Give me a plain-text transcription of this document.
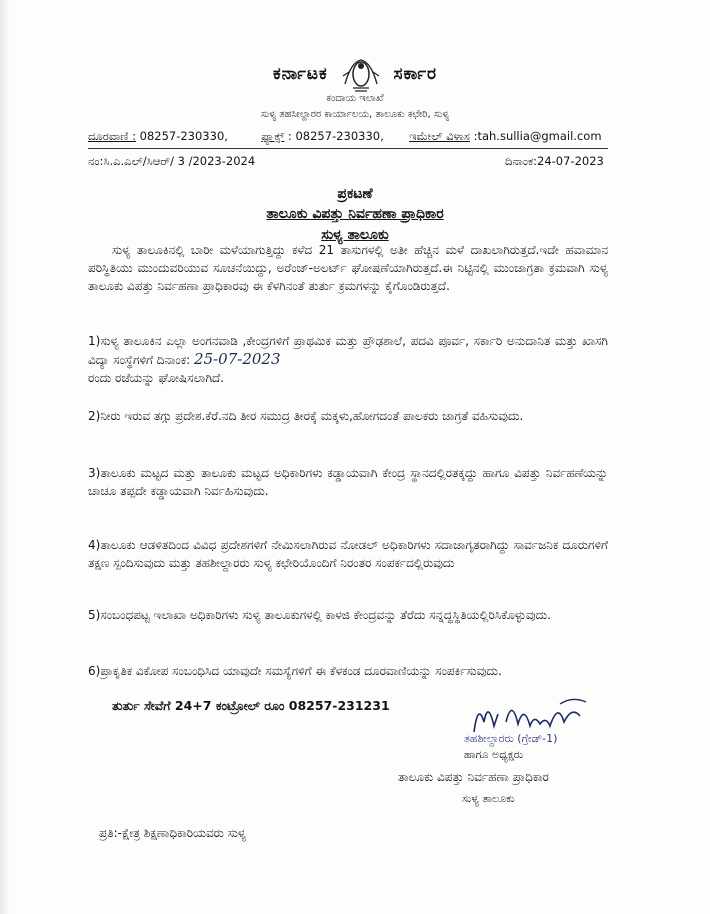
ಕರ್ನಾಟಕ	ಸರ್ಕಾರ
ಕಂದಾಯ ಇಲಾಖೆ
ಸುಳ್ಯ ತಹಸೀಲ್ದಾರರ ಕಾರ್ಯಾಲಯ, ತಾಲೂಕು ಕಛೇರಿ, ಸುಳ್ಯ
ದೂರವಾಣಿ : 08257-230330,	ಫ್ಯಾಕ್ಸ್ : 08257-230330, ಇಮೇಲ್ ವಿಳಾಸ :tah.sullia@gmail.com
ನಂ:ಸಿ.ಎ.ಎಲ್/ಸಿಆರ್/ 3 /2023-2024	ದಿನಾಂಕ:24-07-2023
ಪ್ರಕಟಣೆ
ತಾಲೂಕು ವಿಪತ್ತು ನಿರ್ವಹಣಾ ಪ್ರಾಧಿಕಾರ
ಸುಳ್ಯ ತಾಲೂಕು
ಸುಳ್ಯ ತಾಲೂಕಿನಲ್ಲಿ ಬಾರೀ ಮಳೆಯಾಗುತ್ತಿದ್ದು ಕಳೆದ 21 ತಾಸುಗಳಲ್ಲಿ ಅತೀ ಹೆಚ್ಚಿನ ಮಳೆ ದಾಖಲಾಗಿರುತ್ತದೆ.ಇದೇ ಹವಾಮಾನ ಪರಿಸ್ಥಿತಿಯು ಮುಂದುವರಿಯುವ ಸೂಚನೆಯಿದ್ದು, ಅರೆಂಜ್-ಅಲರ್ಟ್ ಘೋಷಣೆಯಾಗಿರುತ್ತದೆ.ಈ ನಿಟ್ಟಿನಲ್ಲಿ ಮುಂಜಾಗ್ರತಾ ಕ್ರಮವಾಗಿ ಸುಳ್ಯ ತಾಲೂಕು ವಿಪತ್ತು ನಿರ್ವಹಣಾ ಪ್ರಾಧಿಕಾರವು ಈ ಕೆಳಗಿನಂತೆ ತುರ್ತು ಕ್ರಮಗಳನ್ನು ಕೈಗೊಂಡಿರುತ್ತದೆ.
1)ಸುಳ್ಯ ತಾಲೂಕಿನ ಎಲ್ಲಾ ಅಂಗನವಾಡಿ ,ಕೇಂದ್ರಗಳಿಗೆ ಪ್ರಾಥಮಿಕ ಮತ್ತು ಪ್ರೌಢಶಾಲೆ, ಪದವಿ ಪೂರ್ವ, ಸರ್ಕಾರಿ ಅನುದಾನಿತ ಮತ್ತು ಖಾಸಗಿ ವಿದ್ಯಾ ಸಂಸ್ಥೆಗಳಿಗೆ ದಿನಾಂಕ: 25-07-2023
ರಂದು ರಜೆಯನ್ನು ಘೋಷಿಸಲಾಗಿದೆ.
2)ನೀರು ಇರುವ ತಗ್ಗು ಪ್ರದೇಶ.ಕೆರೆ.ನದಿ ತೀರ ಸಮುದ್ರ ತೀರಕ್ಕೆ ಮಕ್ಕಳು,ಹೋಗದಂತೆ ಪಾಲಕರು ಜಾಗ್ರತೆ ವಹಿಸುವುದು.
3)ತಾಲೂಕು ಮಟ್ಟದ ಮತ್ತು ತಾಲೂಕು ಮಟ್ಟದ ಅಧಿಕಾರಿಗಳು ಕಡ್ಡಾಯವಾಗಿ ಕೇಂದ್ರ ಸ್ಥಾನದಲ್ಲಿರತಕ್ಕದ್ದು ಹಾಗೂ ವಿಪತ್ತು ನಿರ್ವಹಣೆಯನ್ನು ಚಾಚೂ ತಪ್ಪದೇ ಕಡ್ಡಾಯವಾಗಿ ನಿರ್ವಹಿಸುವುದು.
4)ತಾಲೂಕು ಆಡಳಿತದಿಂದ ವಿವಿಧ ಪ್ರದೇಶಗಳಿಗೆ ನೇಮಿಸಲಾಗಿರುವ ನೋಡಲ್ ಅಧಿಕಾರಿಗಳು ಸದಾಜಾಗೃತರಾಗಿದ್ದು ಸಾರ್ವಜನಿಕ ದೂರುಗಳಿಗೆ ತಕ್ಷಣ ಸ್ಪಂದಿಸುವುದು ಮತ್ತು ತಹಶೀಲ್ದಾರರು ಸುಳ್ಯ ಕಛೇರಿಯೊಂದಿಗೆ ನಿರಂತರ ಸಂಪರ್ಕದಲ್ಲಿರುವುದು
5)ಸಂಬಂಧಪಟ್ಟ ಇಲಾಖಾ ಅಧಿಕಾರಿಗಳು ಸುಳ್ಯ ತಾಲೂಕುಗಳಲ್ಲಿ ಕಾಳಜಿ ಕೇಂದ್ರವನ್ನು ತೆರೆದು ಸನ್ನದ್ಧಸ್ಥಿತಿಯಲ್ಲಿರಿಸಿಕೊಳ್ಳುವುದು.
6)ಪ್ರಾಕೃತಿಕ ವಿಕೋಪ ಸಂಬಂಧಿಸಿದ ಯಾವುದೇ ಸಮಸ್ಯೆಗಳಿಗೆ ಈ ಕೆಳಕಂಡ ದೂರವಾಣಿಯನ್ನು ಸಂಪರ್ಕಿಸುವುದು.
ತುರ್ತು ಸೇವೆಗೆ 24+7 ಕಂಟ್ರೋಲ್ ರೂಂ 08257-231231
ತಹಶೀಲ್ದಾರರು (ಗ್ರೇಡ್-1)
ಹಾಗೂ ಅಧ್ಯಕ್ಷರು
ತಾಲೂಕು ವಿಪತ್ತು ನಿರ್ವಹಣಾ ಪ್ರಾಧಿಕಾರ
ಸುಳ್ಯ ತಾಲೂಕು
ಪ್ರತಿ:-ಕ್ಷೇತ್ರ ಶಿಕ್ಷಣಾಧಿಕಾರಿಯವರು ಸುಳ್ಯ
